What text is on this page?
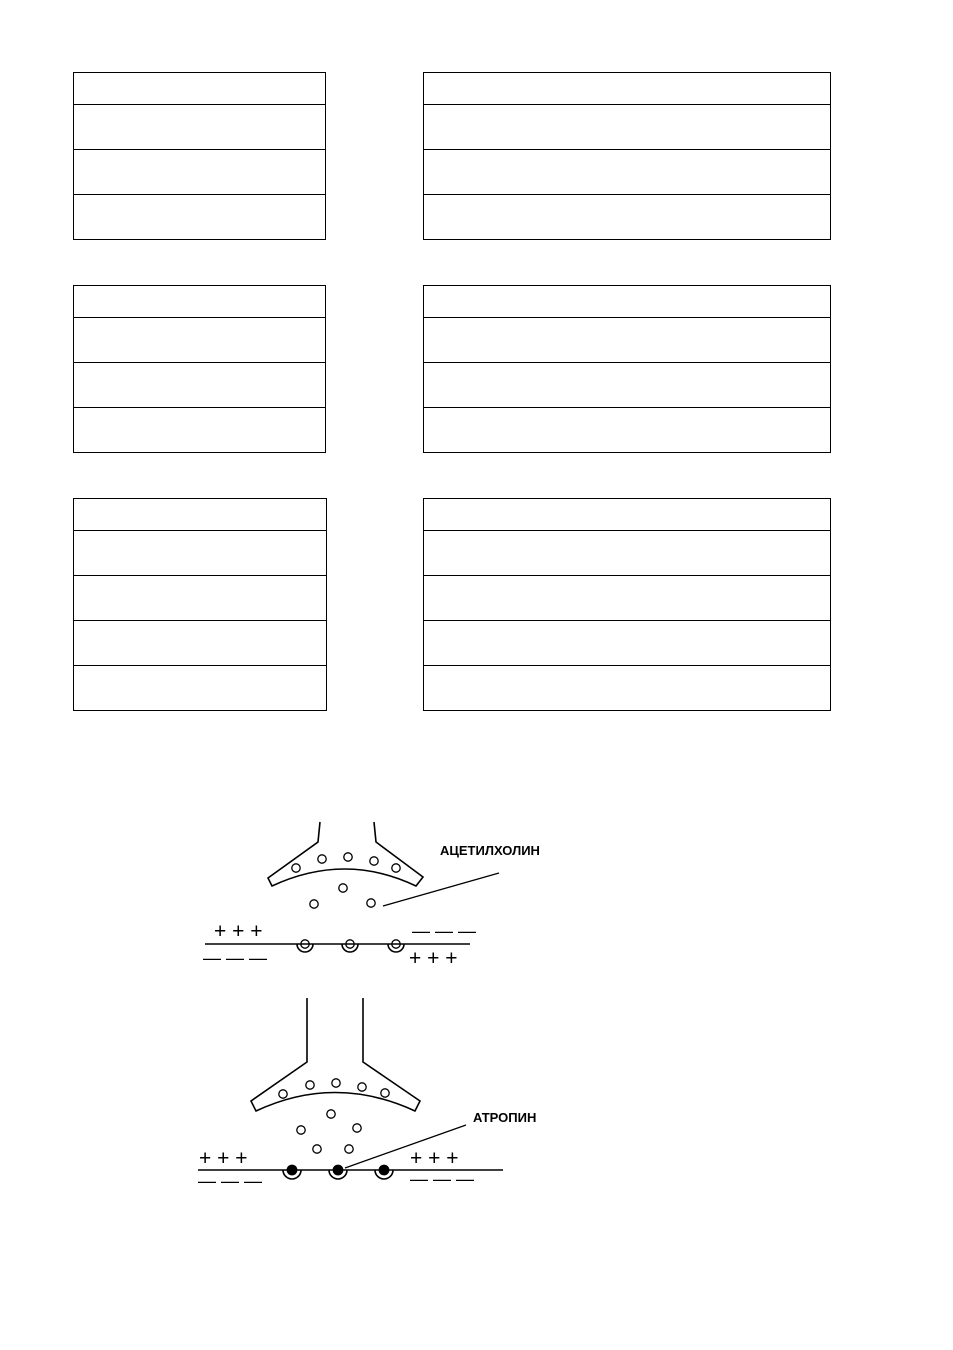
АЦЕТИЛХОЛИН
АТРОПИН
+ + +
— — —
— — —
+ + +
+ + +
— — —
+ + +
— — —
